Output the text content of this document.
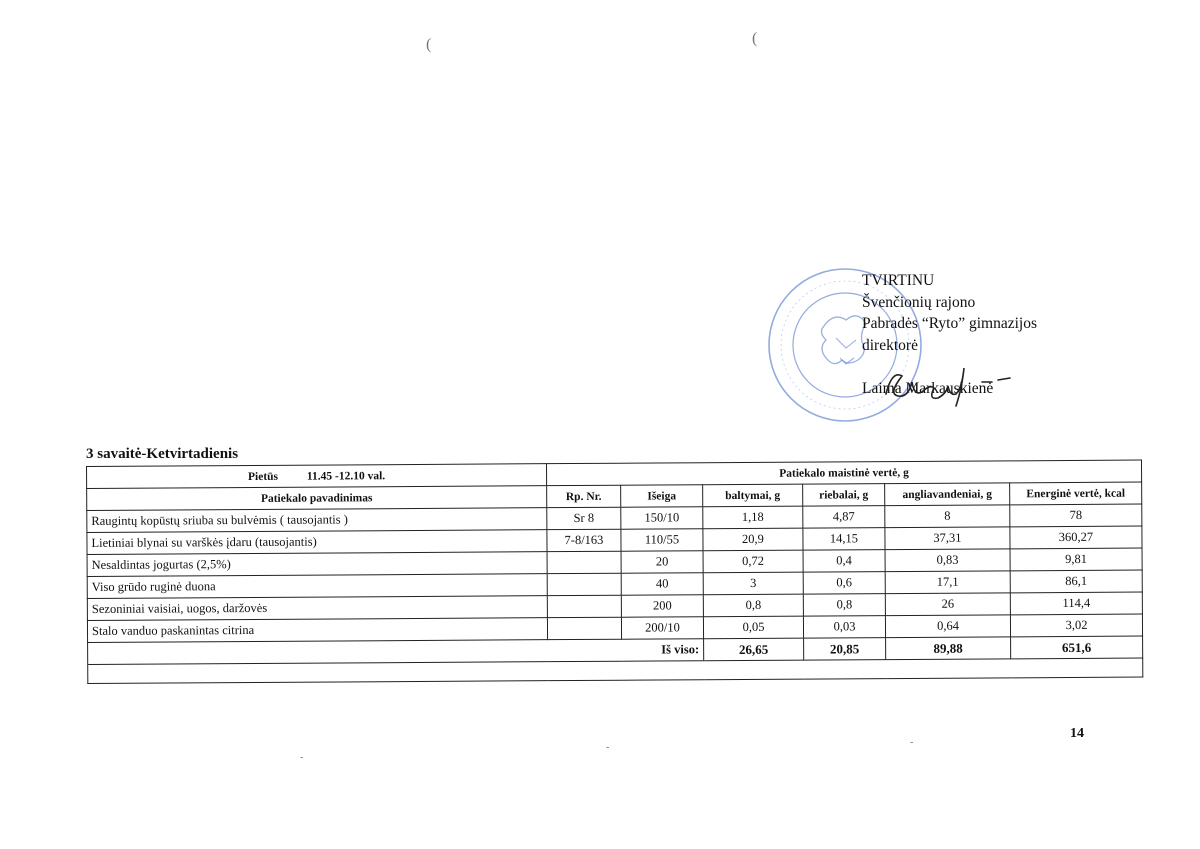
(	(
-
-	-
TVIRTINU
Švenčionių rajono
Pabradės “Ryto” gimnazijos
direktorė
Laima Markauskienė
3 savaitė-Ketvirtadienis
Pietūs 11.45 -12.10 val.	Patiekalo maistinė vertė, g					
Patiekalo pavadinimas	Rp. Nr.	Išeiga	baltymai, g	riebalai, g	angliavandeniai, g	Energinė vertė, kcal
Raugintų kopūstų sriuba su bulvėmis ( tausojantis )	Sr 8	150/10	1,18	4,87	8	78
Lietiniai blynai su varškės įdaru (tausojantis)	7-8/163	110/55	20,9	14,15	37,31	360,27
Nesaldintas jogurtas (2,5%)		20	0,72	0,4	0,83	9,81
Viso grūdo ruginė duona		40	3	0,6	17,1	86,1
Sezoniniai vaisiai, uogos, daržovės		200	0,8	0,8	26	114,4
Stalo vanduo paskanintas citrina		200/10	0,05	0,03	0,64	3,02
Iš viso:			26,65	20,85	89,88	651,6

14
